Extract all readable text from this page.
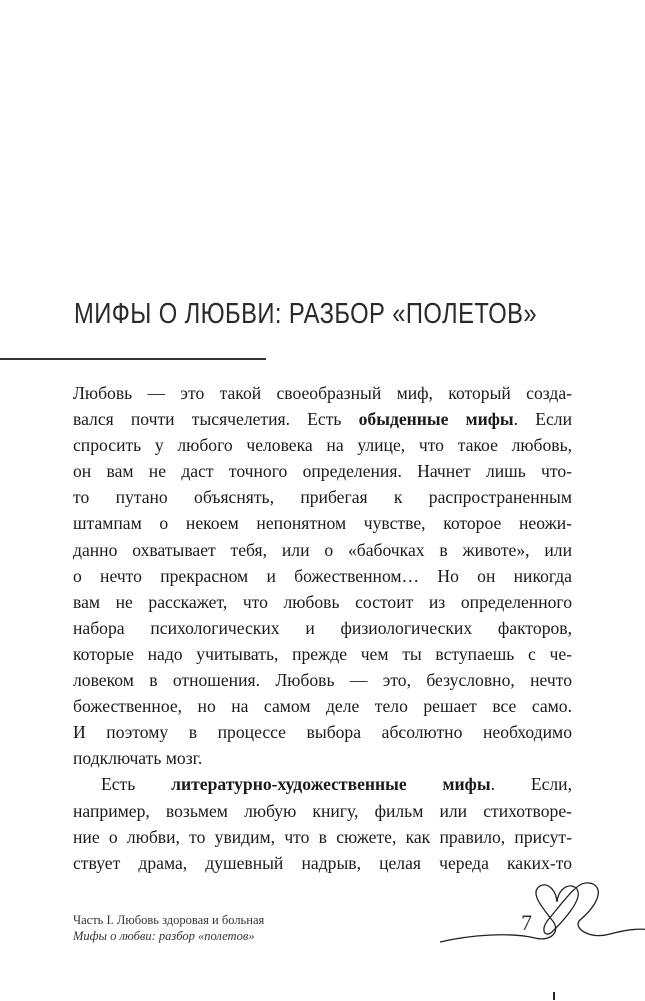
МИФЫ О ЛЮБВИ: РАЗБОР «ПОЛЕТОВ»
Любовь — это такой своеобразный миф, который созда-
вался почти тысячелетия. Есть обыденные мифы. Если
спросить у любого человека на улице, что такое любовь,
он вам не даст точного определения. Начнет лишь что-
то путано объяснять, прибегая к распространенным
штампам о некоем непонятном чувстве, которое неожи-
данно охватывает тебя, или о «бабочках в животе», или
о нечто прекрасном и божественном… Но он никогда
вам не расскажет, что любовь состоит из определенного
набора психологических и физиологических факторов,
которые надо учитывать, прежде чем ты вступаешь с че-
ловеком в отношения. Любовь — это, безусловно, нечто
божественное, но на самом деле тело решает все само.
И поэтому в процессе выбора абсолютно необходимо
подключать мозг.
Есть литературно-художественные мифы. Если,
например, возьмем любую книгу, фильм или стихотворе-
ние о любви, то увидим, что в сюжете, как правило, присут-
ствует драма, душевный надрыв, целая череда каких-то
Часть I. Любовь здоровая и больная
Мифы о любви: разбор «полетов»
7
